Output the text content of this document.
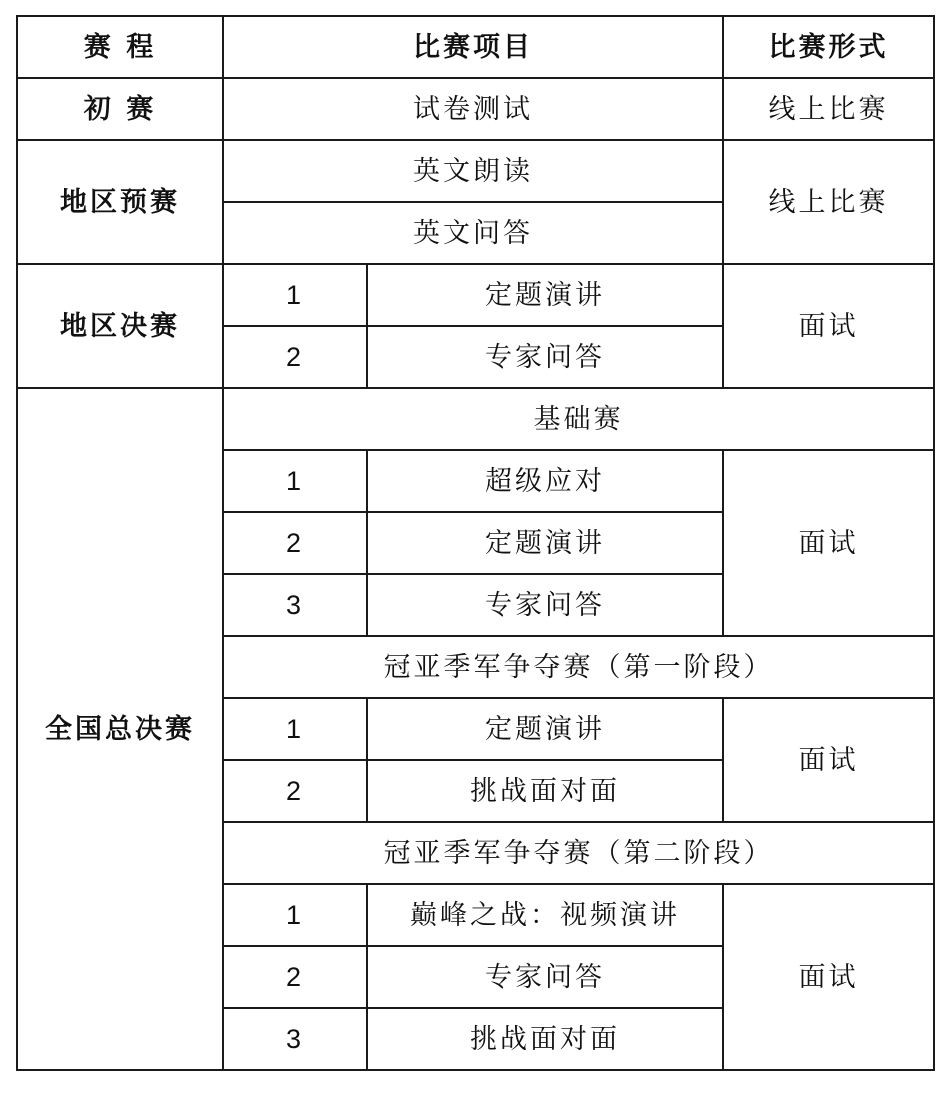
赛 程	比赛项目		比赛形式
初 赛	试卷测试		线上比赛
地区预赛	英文朗读		线上比赛
	英文问答		
地区决赛	1	定题演讲	面试
	2	专家问答	
全国总决赛	基础赛		
	1	超级应对	面试
	2	定题演讲	
	3	专家问答	
	冠亚季军争夺赛（第一阶段）		
	1	定题演讲	面试
	2	挑战面对面	
	冠亚季军争夺赛（第二阶段）		
	1	巅峰之战：视频演讲	面试
	2	专家问答	
	3	挑战面对面	
